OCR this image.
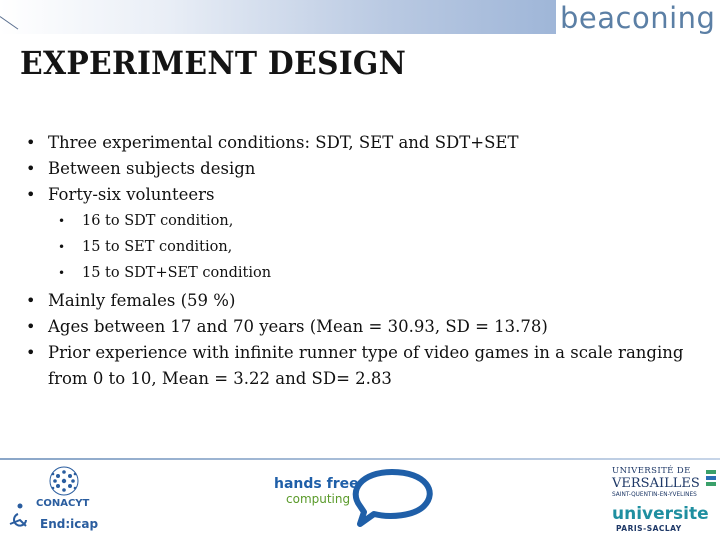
beaconing
EXPERIMENT DESIGN
• Three experimental conditions: SDT, SET and SDT+SET
• Between subjects design
• Forty-six volunteers
• 16 to SDT condition,
• 15 to SET condition,
• 15 to SDT+SET condition
• Mainly females (59 %)
• Ages between 17 and 70 years (Mean = 30.93, SD = 13.78)
• Prior experience with infinite runner type of video games in a scale ranging
from 0 to 10, Mean = 3.22 and SD= 2.83
CONACYT
End:icap
hands free
computing
UNIVERSITÉ DE
VERSAILLES
SAINT-QUENTIN-EN-YVELINES
universite
PARIS-SACLAY
